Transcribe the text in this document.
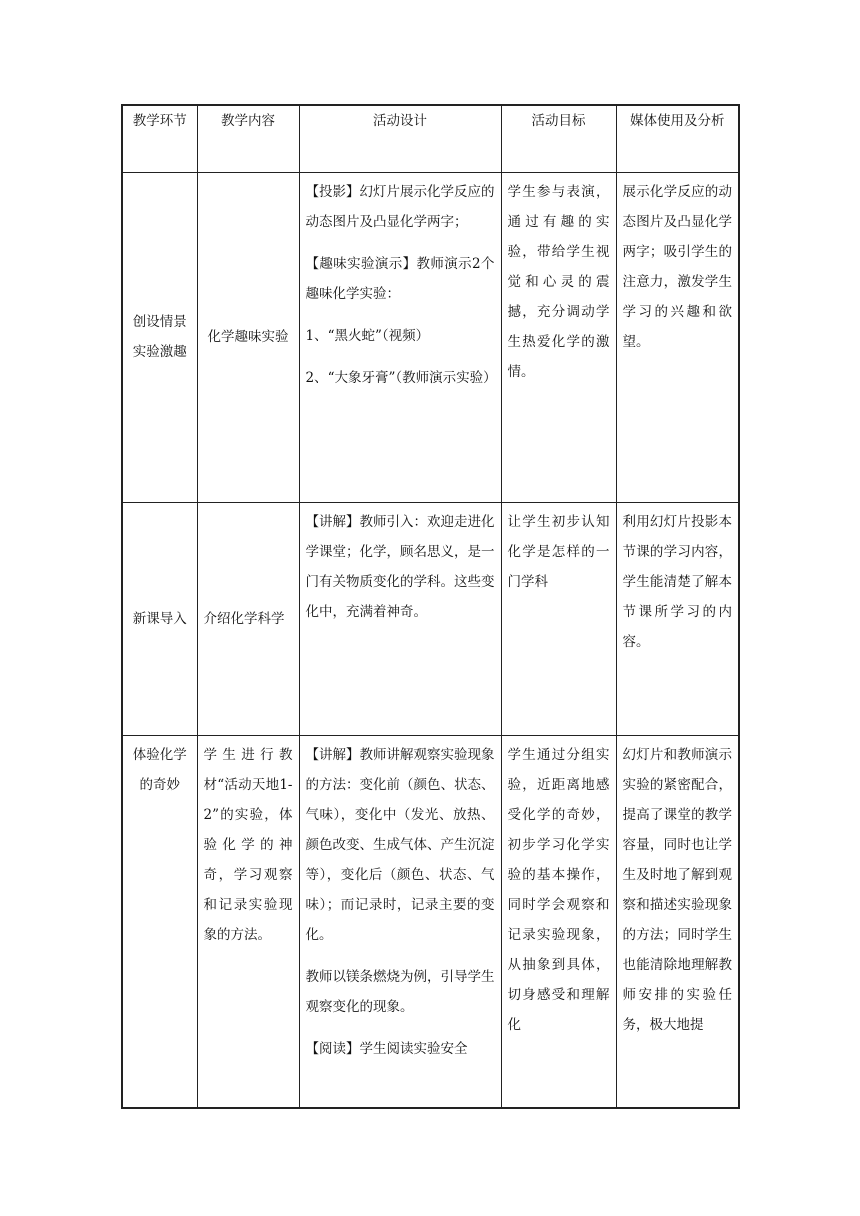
教学环节	教学内容	活动设计	活动目标	媒体使用及分析
创设情景实验激趣	化学趣味实验	【投影】幻灯片展示化学反应的动态图片及凸显化学两字；

【趣味实验演示】教师演示2个趣味化学实验：

1、“黑火蛇”（视频）

2、“大象牙膏”（教师演示实验）	学生参与表演，通过有趣的实验，带给学生视觉和心灵的震撼，充分调动学生热爱化学的激情。	展示化学反应的动态图片及凸显化学两字；吸引学生的注意力，激发学生学习的兴趣和欲望。
新课导入	介绍化学科学	【讲解】教师引入：欢迎走进化学课堂；化学，顾名思义，是一门有关物质变化的学科。这些变化中，充满着神奇。	让学生初步认知化学是怎样的一门学科	利用幻灯片投影本节课的学习内容，学生能清楚了解本节课所学习的内容。
体验化学的奇妙	学生进行教材“活动天地1-2”的实验，体验化学的神奇，学习观察和记录实验现象的方法。	【讲解】教师讲解观察实验现象的方法：变化前（颜色、状态、气味），变化中（发光、放热、颜色改变、生成气体、产生沉淀 等），变化后（颜色、状态、气味）；而记录时，记录主要的变化。

教师以镁条燃烧为例，引导学生观察变化的现象。

【阅读】学生阅读实验安全	学生通过分组实验，近距离地感受化学的奇妙，初步学习化学实验的基本操作，同时学会观察和记录实验现象，从抽象到具体，切身感受和理解化	幻灯片和教师演示实验的紧密配合，提高了课堂的教学容量，同时也让学生及时地了解到观察和描述实验现象的方法；同时学生也能清除地理解教师安排的实验任务，极大地提
